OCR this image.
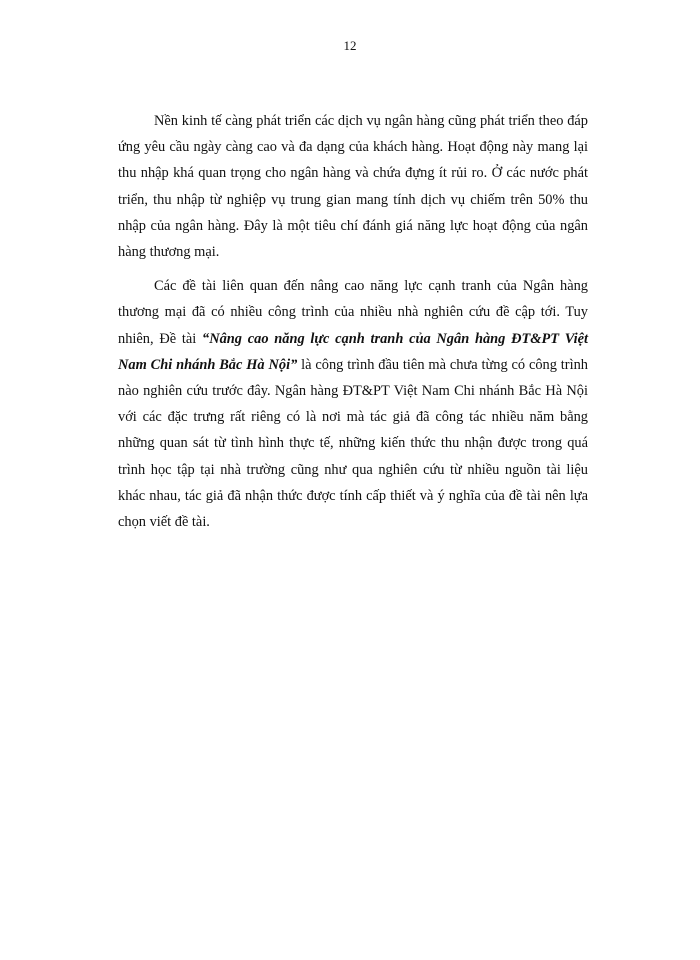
12

Nền kinh tế càng phát triển các dịch vụ ngân hàng cũng phát triển theo đáp ứng yêu cầu ngày càng cao và đa dạng của khách hàng. Hoạt động này mang lại thu nhập khá quan trọng cho ngân hàng và chứa đựng ít rủi ro. Ở các nước phát triển, thu nhập từ nghiệp vụ trung gian mang tính dịch vụ chiếm trên 50% thu nhập của ngân hàng. Đây là một tiêu chí đánh giá năng lực hoạt động của ngân hàng thương mại.

Các đề tài liên quan đến nâng cao năng lực cạnh tranh của Ngân hàng thương mại đã có nhiều công trình của nhiều nhà nghiên cứu đề cập tới. Tuy nhiên, Đề tài “Nâng cao năng lực cạnh tranh của Ngân hàng ĐT&PT Việt Nam Chi nhánh Bắc Hà Nội” là công trình đầu tiên mà chưa từng có công trình nào nghiên cứu trước đây. Ngân hàng ĐT&PT Việt Nam Chi nhánh Bắc Hà Nội với các đặc trưng rất riêng có là nơi mà tác giả đã công tác nhiều năm bằng những quan sát từ tình hình thực tế, những kiến thức thu nhận được trong quá trình học tập tại nhà trường cũng như qua nghiên cứu từ nhiều nguồn tài liệu khác nhau, tác giả đã nhận thức được tính cấp thiết và ý nghĩa của đề tài nên lựa chọn viết đề tài.
